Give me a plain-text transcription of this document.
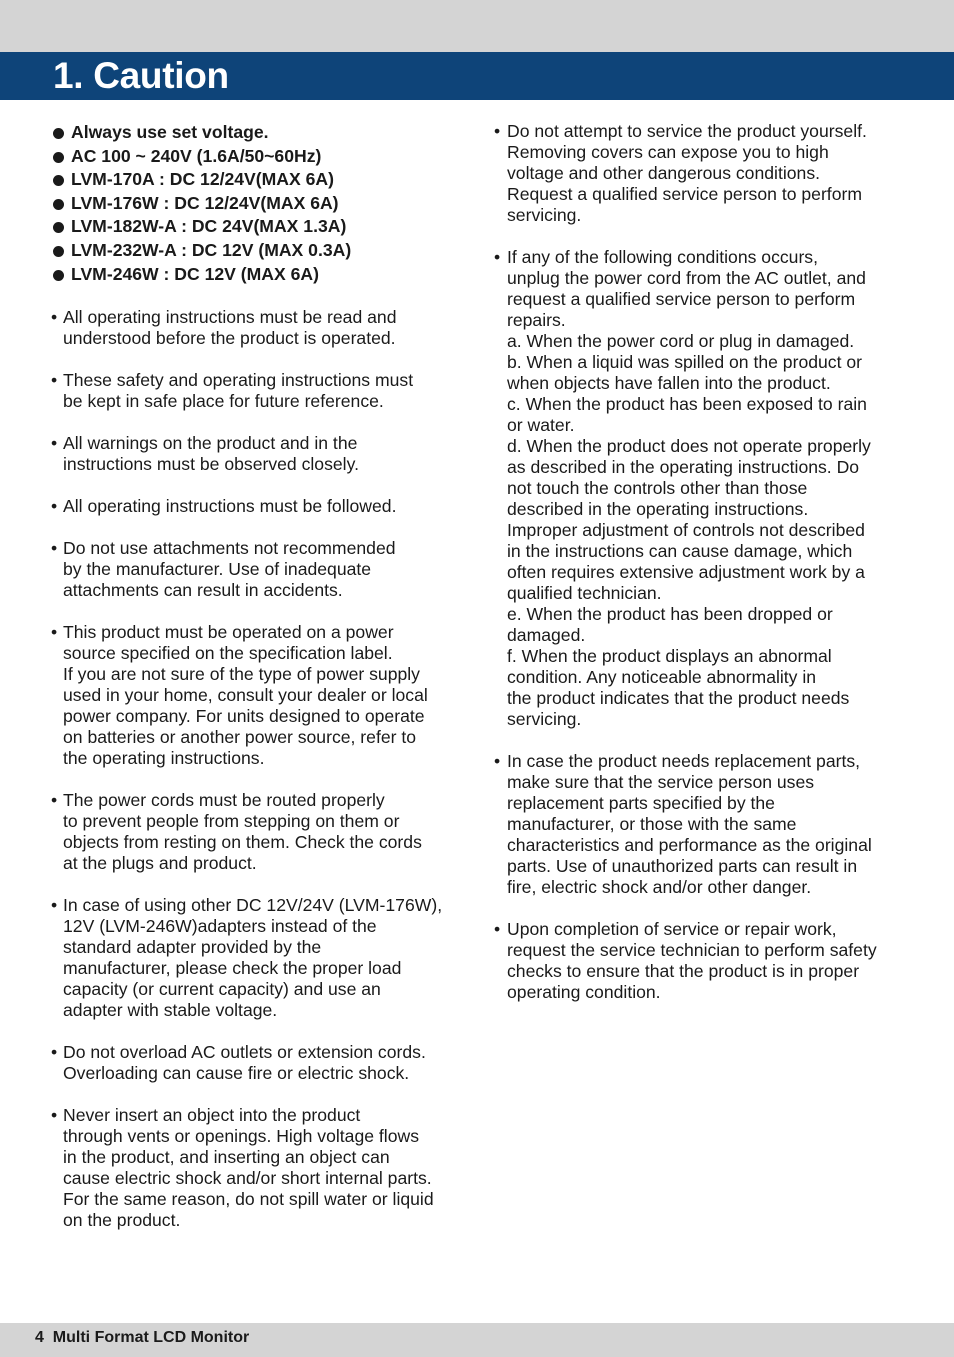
1. Caution
Always use set voltage.
AC 100 ~ 240V (1.6A/50~60Hz)
LVM-170A : DC 12/24V(MAX 6A)
LVM-176W : DC 12/24V(MAX 6A)
LVM-182W-A : DC 24V(MAX 1.3A)
LVM-232W-A : DC 12V (MAX 0.3A)
LVM-246W : DC 12V (MAX 6A)

• All operating instructions must be read and
understood before the product is operated.

• These safety and operating instructions must
be kept in safe place for future reference.

• All warnings on the product and in the
instructions must be observed closely.

• All operating instructions must be followed.

• Do not use attachments not recommended
by the manufacturer. Use of inadequate
attachments can result in accidents.

• This product must be operated on a power
source specified on the specification label.
If you are not sure of the type of power supply
used in your home, consult your dealer or local
power company. For units designed to operate
on batteries or another power source, refer to
the operating instructions.

• The power cords must be routed properly
to prevent people from stepping on them or
objects from resting on them. Check the cords
at the plugs and product.

• In case of using other DC 12V/24V (LVM-176W),
12V (LVM-246W)adapters instead of the
standard adapter provided by the
manufacturer, please check the proper load
capacity (or current capacity) and use an
adapter with stable voltage.

• Do not overload AC outlets or extension cords.
Overloading can cause fire or electric shock.

• Never insert an object into the product
through vents or openings. High voltage flows
in the product, and inserting an object can
cause electric shock and/or short internal parts.
For the same reason, do not spill water or liquid
on the product.

• Do not attempt to service the product yourself.
Removing covers can expose you to high
voltage and other dangerous conditions.
Request a qualified service person to perform
servicing.

• If any of the following conditions occurs,
unplug the power cord from the AC outlet, and
request a qualified service person to perform
repairs.
a. When the power cord or plug in damaged.
b. When a liquid was spilled on the product or
when objects have fallen into the product.
c. When the product has been exposed to rain
or water.
d. When the product does not operate properly
as described in the operating instructions. Do
not touch the controls other than those
described in the operating instructions.
Improper adjustment of controls not described
in the instructions can cause damage, which
often requires extensive adjustment work by a
qualified technician.
e. When the product has been dropped or
damaged.
f. When the product displays an abnormal
condition. Any noticeable abnormality in
the product indicates that the product needs
servicing.

• In case the product needs replacement parts,
make sure that the service person uses
replacement parts specified by the
manufacturer, or those with the same
characteristics and performance as the original
parts. Use of unauthorized parts can result in
fire, electric shock and/or other danger.

• Upon completion of service or repair work,
request the service technician to perform safety
checks to ensure that the product is in proper
operating condition.

4 Multi Format LCD Monitor
